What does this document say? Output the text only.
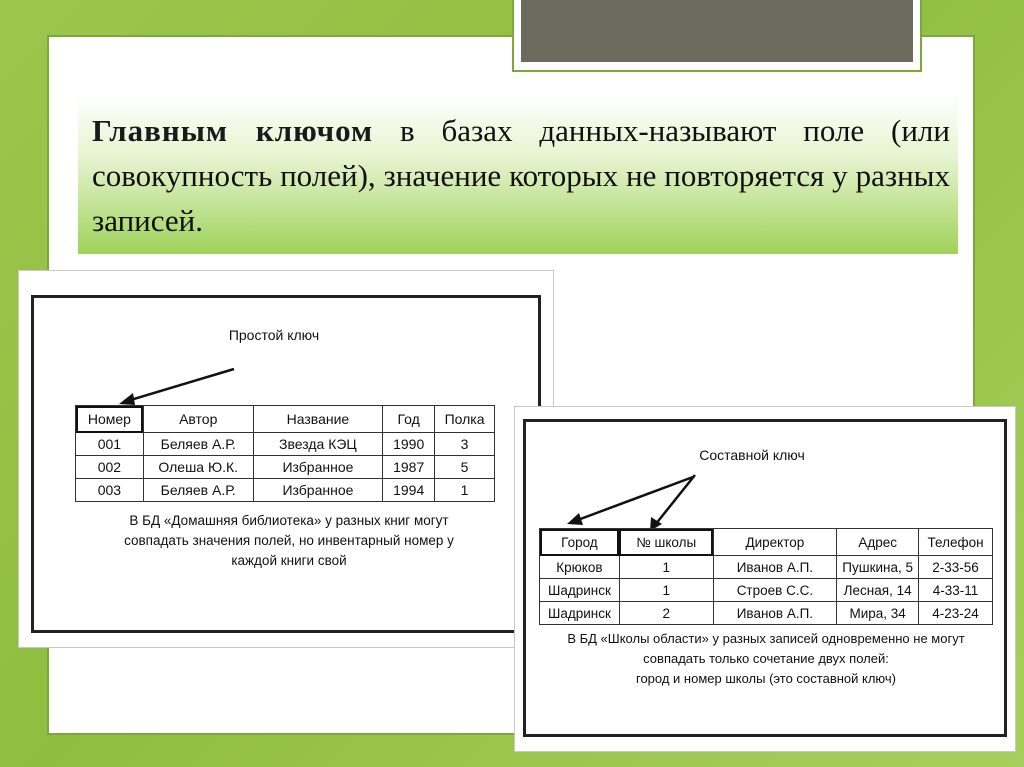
Главным ключом в базах данных-называют поле (или совокупность полей), значение которых не повторяется у разных записей.
Простой ключ
Номер	Автор	Название	Год	Полка
001	Беляев А.Р.	Звезда КЭЦ	1990	3
002	Олеша Ю.К.	Избранное	1987	5
003	Беляев А.Р.	Избранное	1994	1
В БД «Домашняя библиотека» у разных книг могут
совпадать значения полей, но инвентарный номер у
каждой книги свой
Составной ключ
Город	№ школы	Директор	Адрес	Телефон
Крюков	1	Иванов А.П.	Пушкина, 5	2-33-56
Шадринск	1	Строев С.С.	Лесная, 14	4-33-11
Шадринск	2	Иванов А.П.	Мира, 34	4-23-24
В БД «Школы области» у разных записей одновременно не могут
совпадать только сочетание двух полей:
город и номер школы (это составной ключ)
